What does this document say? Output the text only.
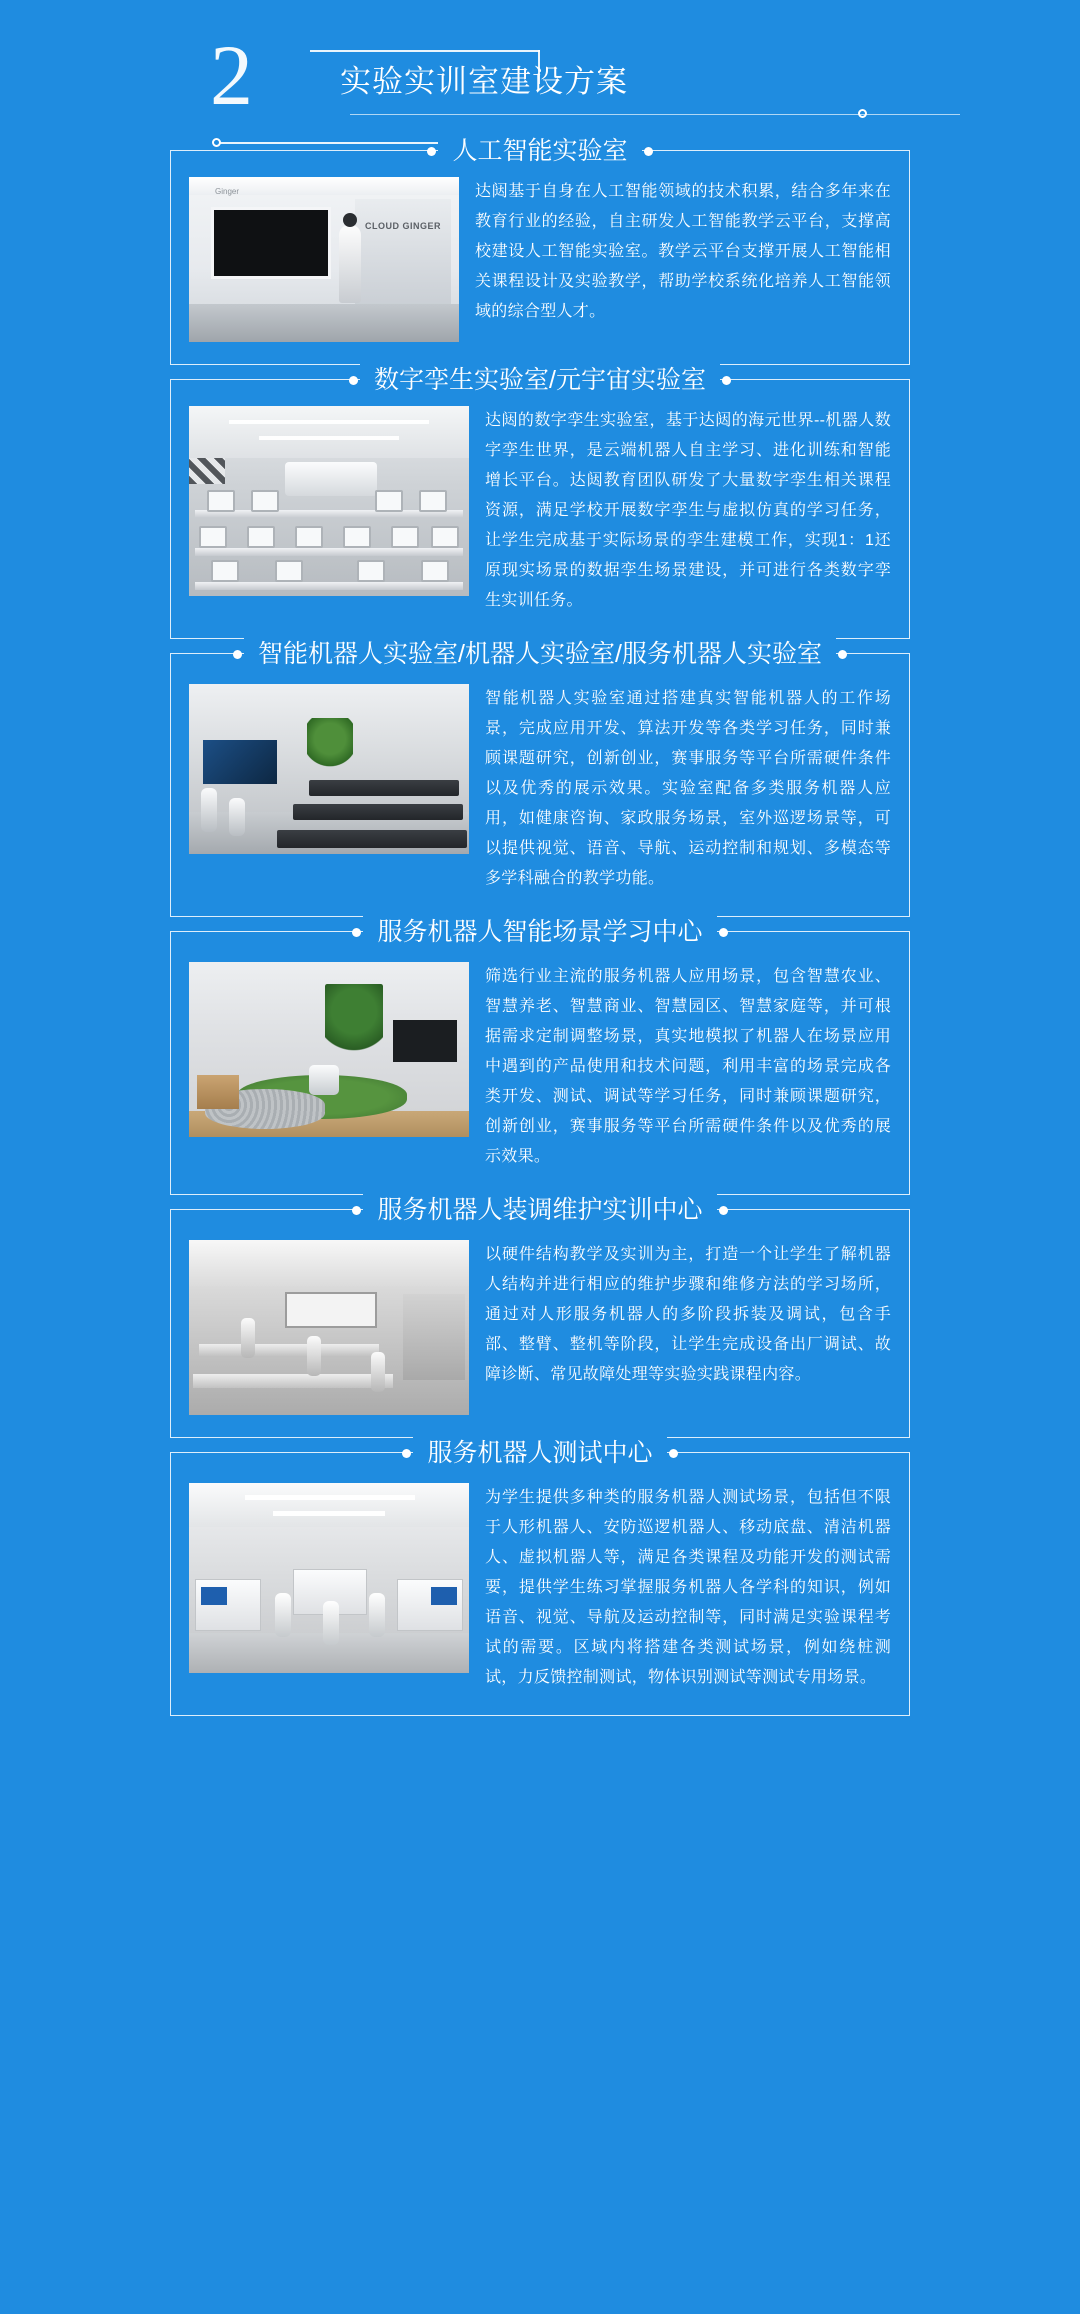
2	实验实训室建设方案
人工智能实验室
Ginger
CLOUD GINGER
达闼基于自身在人工智能领域的技术积累，结合多年来在教育行业的经验，自主研发人工智能教学云平台，支撑高校建设人工智能实验室。教学云平台支撑开展人工智能相关课程设计及实验教学，帮助学校系统化培养人工智能领域的综合型人才。
数字孪生实验室/元宇宙实验室
达闼的数字孪生实验室，基于达闼的海元世界--机器人数字孪生世界，是云端机器人自主学习、进化训练和智能增长平台。达闼教育团队研发了大量数字孪生相关课程资源，满足学校开展数字孪生与虚拟仿真的学习任务，让学生完成基于实际场景的孪生建模工作，实现1：1还原现实场景的数据孪生场景建设，并可进行各类数字孪生实训任务。
智能机器人实验室/机器人实验室/服务机器人实验室
智能机器人实验室通过搭建真实智能机器人的工作场景，完成应用开发、算法开发等各类学习任务，同时兼顾课题研究，创新创业，赛事服务等平台所需硬件条件以及优秀的展示效果。实验室配备多类服务机器人应用，如健康咨询、家政服务场景，室外巡逻场景等，可以提供视觉、语音、导航、运动控制和规划、多模态等多学科融合的教学功能。
服务机器人智能场景学习中心
筛选行业主流的服务机器人应用场景，包含智慧农业、智慧养老、智慧商业、智慧园区、智慧家庭等，并可根据需求定制调整场景，真实地模拟了机器人在场景应用中遇到的产品使用和技术问题，利用丰富的场景完成各类开发、测试、调试等学习任务，同时兼顾课题研究，创新创业，赛事服务等平台所需硬件条件以及优秀的展示效果。
服务机器人装调维护实训中心
以硬件结构教学及实训为主，打造一个让学生了解机器人结构并进行相应的维护步骤和维修方法的学习场所，通过对人形服务机器人的多阶段拆装及调试，包含手部、整臂、整机等阶段，让学生完成设备出厂调试、故障诊断、常见故障处理等实验实践课程内容。
服务机器人测试中心
为学生提供多种类的服务机器人测试场景，包括但不限于人形机器人、安防巡逻机器人、移动底盘、清洁机器人、虚拟机器人等，满足各类课程及功能开发的测试需要，提供学生练习掌握服务机器人各学科的知识，例如语音、视觉、导航及运动控制等，同时满足实验课程考试的需要。区域内将搭建各类测试场景，例如绕桩测试，力反馈控制测试，物体识别测试等测试专用场景。
